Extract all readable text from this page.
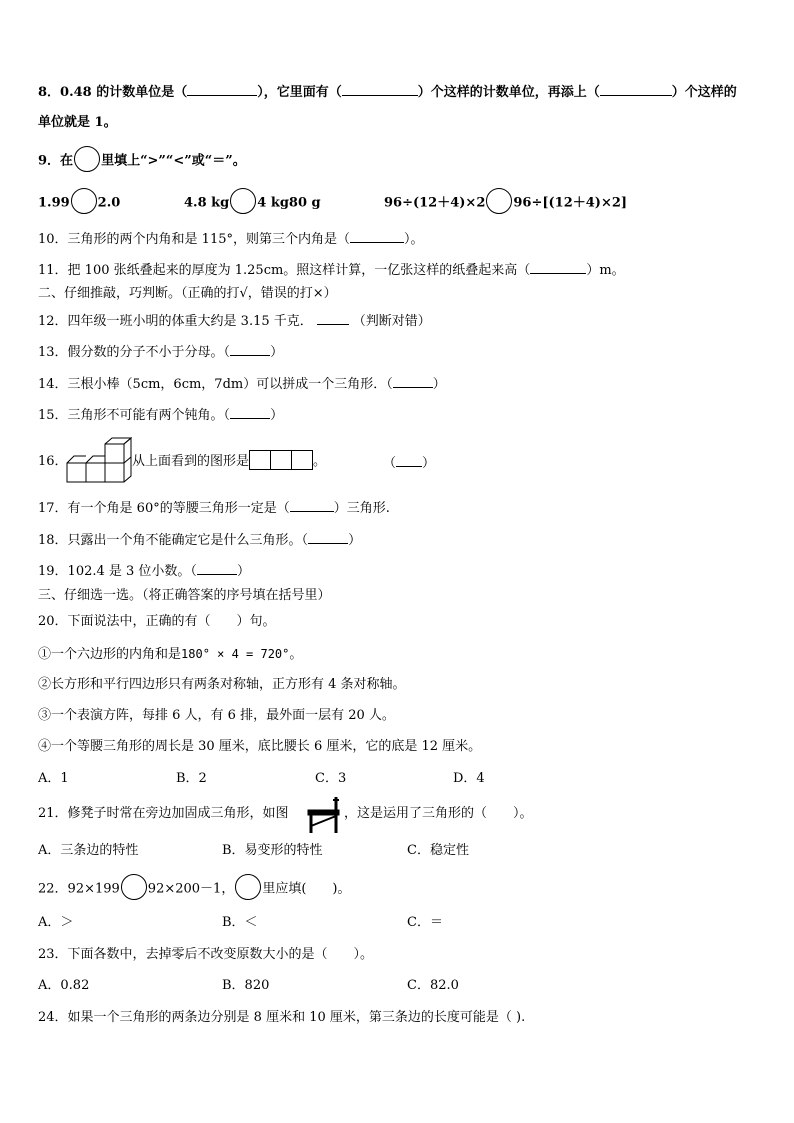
8．0.48 的计数单位是（	），它里面有（	）个这样的计数单位，再添上（	）个这样的
单位就是 1。
9．在 里填上“>”“<”或“＝”。
1.99 2.0	4.8 kg 4 kg80 g	96÷(12＋4)×2 96÷[(12＋4)×2]
10．三角形的两个内角和是 115°，则第三个内角是（	）。
11．把 100 张纸叠起来的厚度为 1.25cm。照这样计算，一亿张这样的纸叠起来高（	）m。
二、仔细推敲，巧判断。（正确的打√，错误的打×）
12．四年级一班小明的体重大约是 3.15 千克．	（判断对错）
13．假分数的分子不小于分母。（	）
14．三根小棒（5cm，6cm，7dm）可以拼成一个三角形．（	）
15．三角形不可能有两个钝角。（	）
16．	从上面看到的图形是	。	（ ）
17．有一个角是 60°的等腰三角形一定是（	）三角形.
18．只露出一个角不能确定它是什么三角形。（	）
19．102.4 是 3 位小数。（	）
三、仔细选一选。（将正确答案的序号填在括号里）
20．下面说法中，正确的有（　　）句。
①一个六边形的内角和是180° × 4 = 720°。
②长方形和平行四边形只有两条对称轴，正方形有 4 条对称轴。
③一个表演方阵，每排 6 人，有 6 排，最外面一层有 20 人。
④一个等腰三角形的周长是 30 厘米，底比腰长 6 厘米，它的底是 12 厘米。
A．1	B．2	C．3	D．4
21．修凳子时常在旁边加固成三角形，如图	，这是运用了三角形的（　　）。
A．三条边的特性	B．易变形的特性	C．稳定性
22．92×199 92×200－1， 里应填(　　)。
A．＞	B．＜	C．＝
23．下面各数中，去掉零后不改变原数大小的是（　　）。
A．0.82	B．820	C．82.0
24．如果一个三角形的两条边分别是 8 厘米和 10 厘米，第三条边的长度可能是（ ).
